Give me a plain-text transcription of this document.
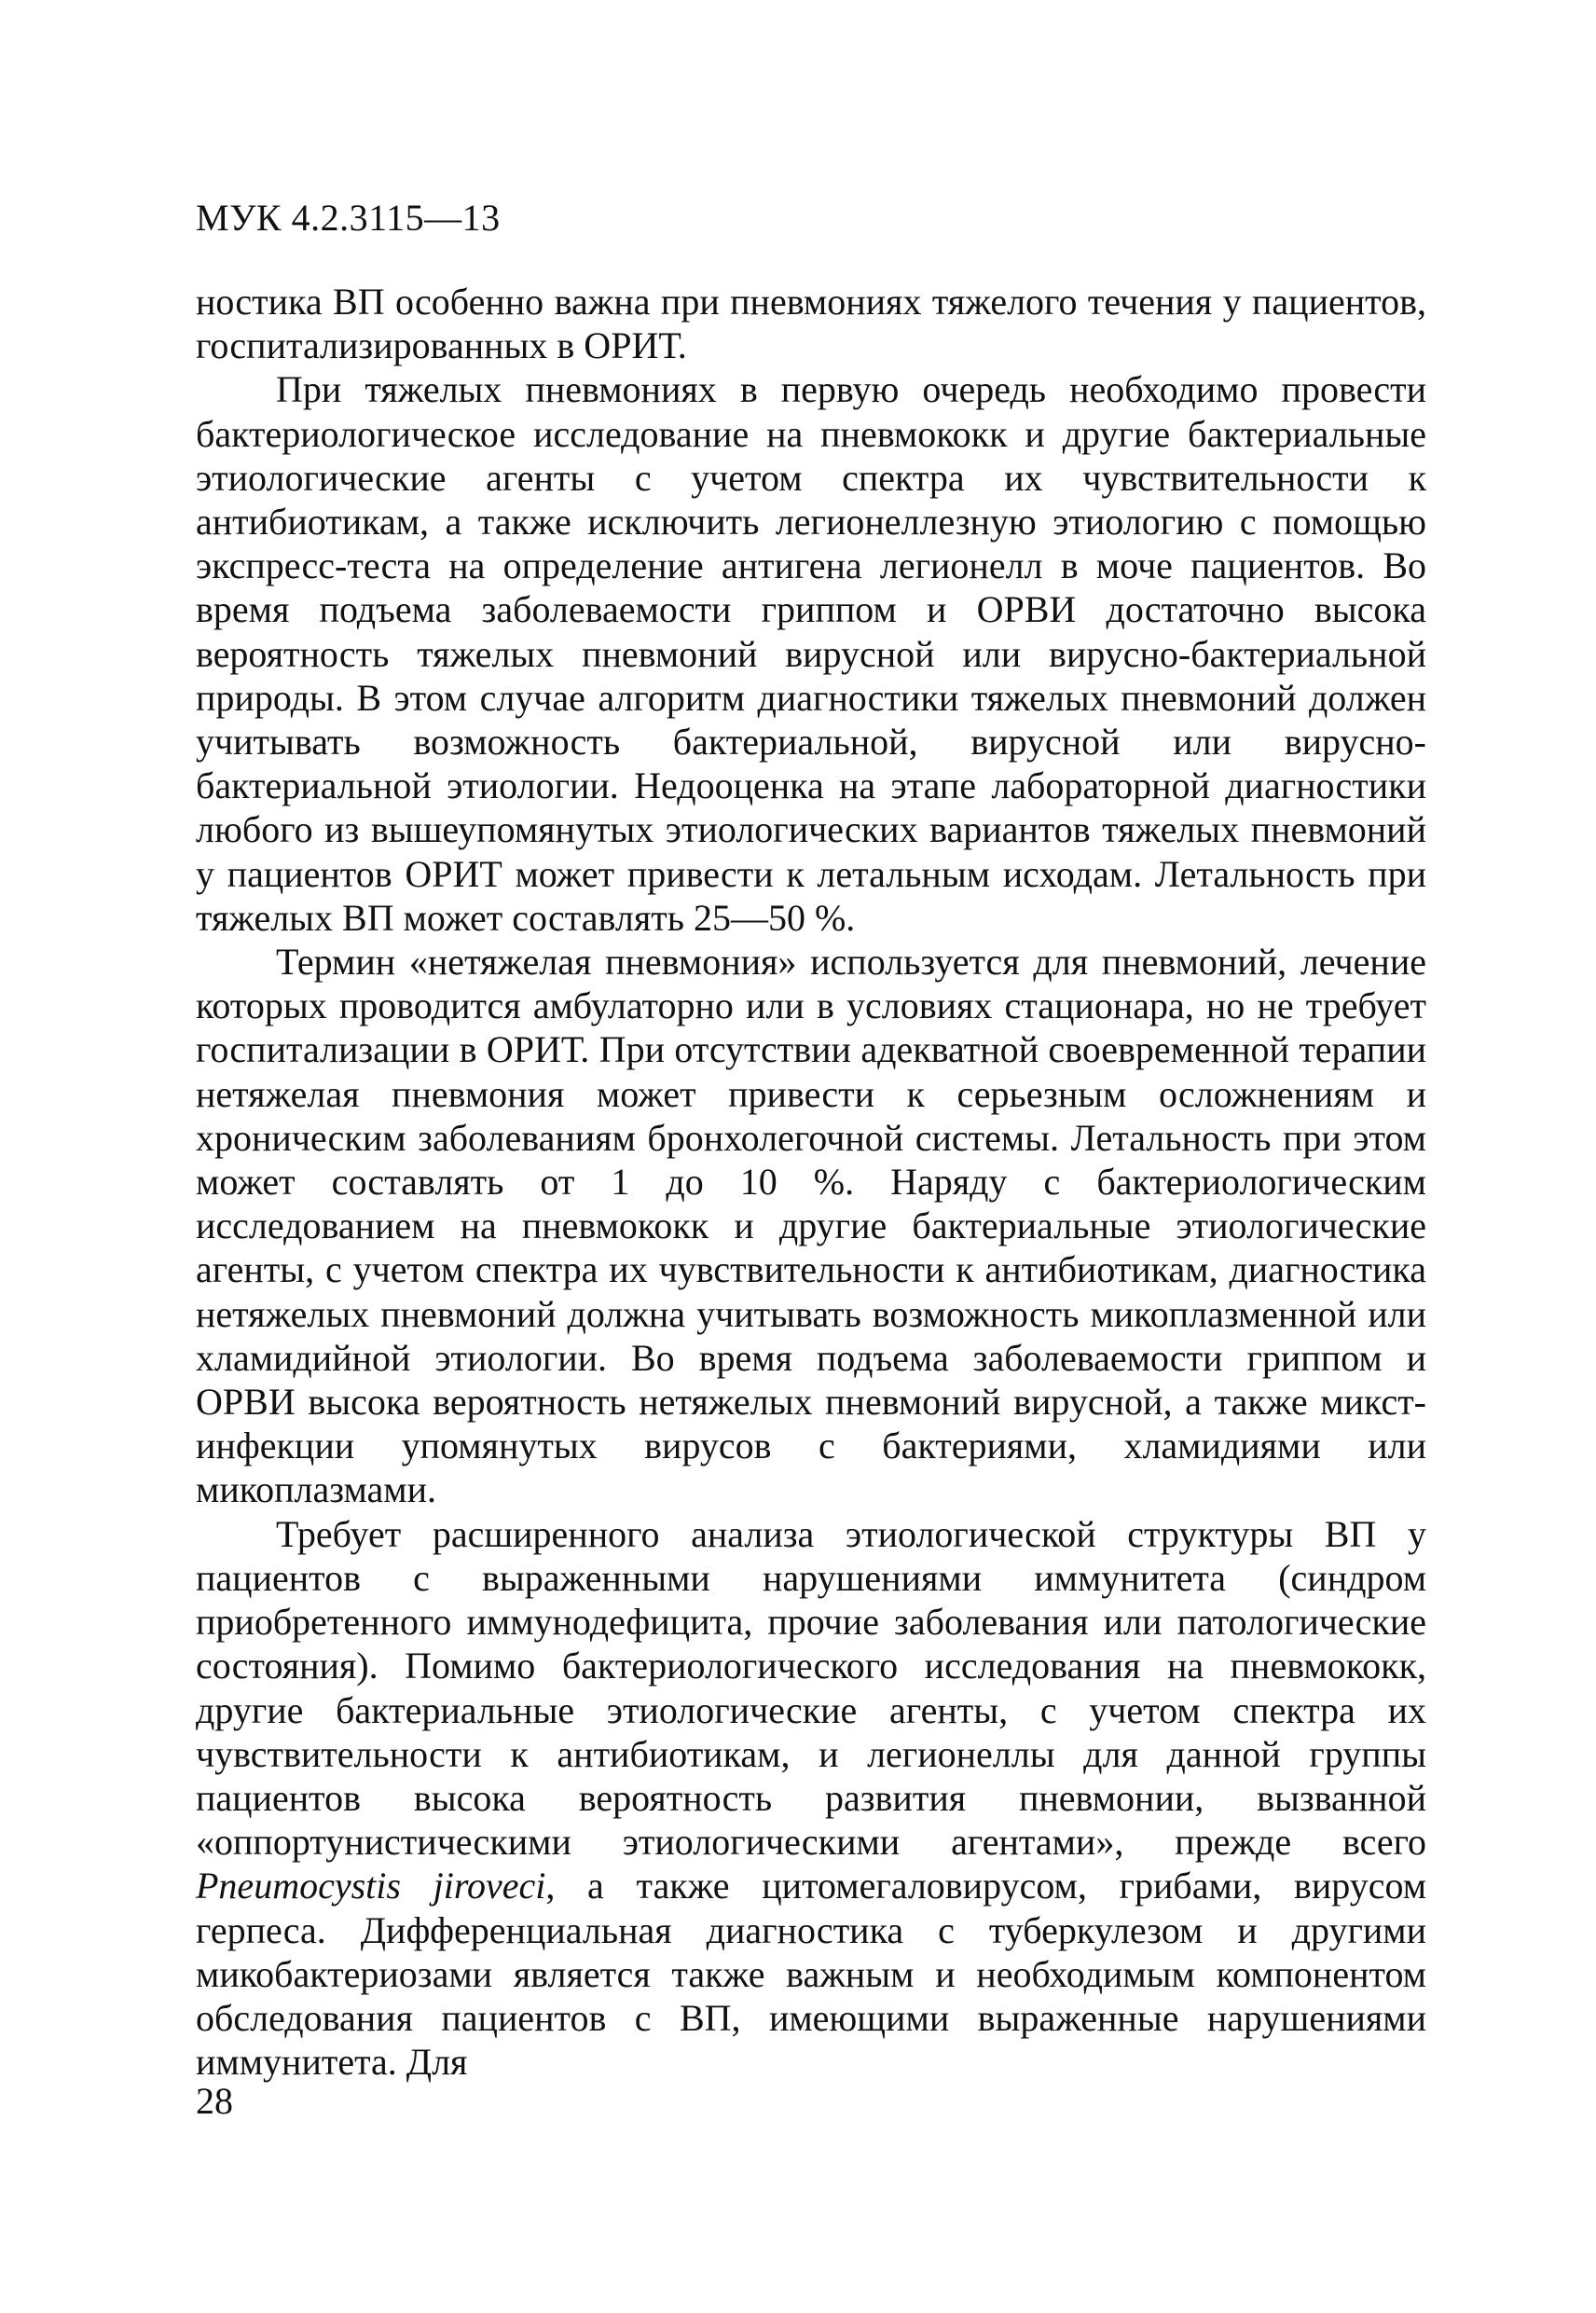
МУК 4.2.3115—13

ностика ВП особенно важна при пневмониях тяжелого течения у пациентов, госпитализированных в ОРИТ.

При тяжелых пневмониях в первую очередь необходимо провести бактериологическое исследование на пневмококк и другие бактериальные этиологические агенты с учетом спектра их чувствительности к антибиотикам, а также исключить легионеллезную этиологию с помощью экспресс-теста на определение антигена легионелл в моче пациентов. Во время подъема заболеваемости гриппом и ОРВИ достаточно высока вероятность тяжелых пневмоний вирусной или вирусно-бактериальной природы. В этом случае алгоритм диагностики тяжелых пневмоний должен учитывать возможность бактериальной, вирусной или вирусно-бактериальной этиологии. Недооценка на этапе лабораторной диагностики любого из вышеупомянутых этиологических вариантов тяжелых пневмоний у пациентов ОРИТ может привести к летальным исходам. Летальность при тяжелых ВП может составлять 25—50 %.

Термин «нетяжелая пневмония» используется для пневмоний, лечение которых проводится амбулаторно или в условиях стационара, но не требует госпитализации в ОРИТ. При отсутствии адекватной своевременной терапии нетяжелая пневмония может привести к серьезным осложнениям и хроническим заболеваниям бронхолегочной системы. Летальность при этом может составлять от 1 до 10 %. Наряду с бактериологическим исследованием на пневмококк и другие бактериальные этиологические агенты, с учетом спектра их чувствительности к антибиотикам, диагностика нетяжелых пневмоний должна учитывать возможность микоплазменной или хламидийной этиологии. Во время подъема заболеваемости гриппом и ОРВИ высока вероятность нетяжелых пневмоний вирусной, а также микст-инфекции упомянутых вирусов с бактериями, хламидиями или микоплазмами.

Требует расширенного анализа этиологической структуры ВП у пациентов с выраженными нарушениями иммунитета (синдром приобретенного иммунодефицита, прочие заболевания или патологические состояния). Помимо бактериологического исследования на пневмококк, другие бактериальные этиологические агенты, с учетом спектра их чувствительности к антибиотикам, и легионеллы для данной группы пациентов высока вероятность развития пневмонии, вызванной «оппортунистическими этиологическими агентами», прежде всего Pneumocystis jiroveci, а также цитомегаловирусом, грибами, вирусом герпеса. Дифференциальная диагностика с туберкулезом и другими микобактериозами является также важным и необходимым компонентом обследования пациентов с ВП, имеющими выраженные нарушениями иммунитета. Для

28
